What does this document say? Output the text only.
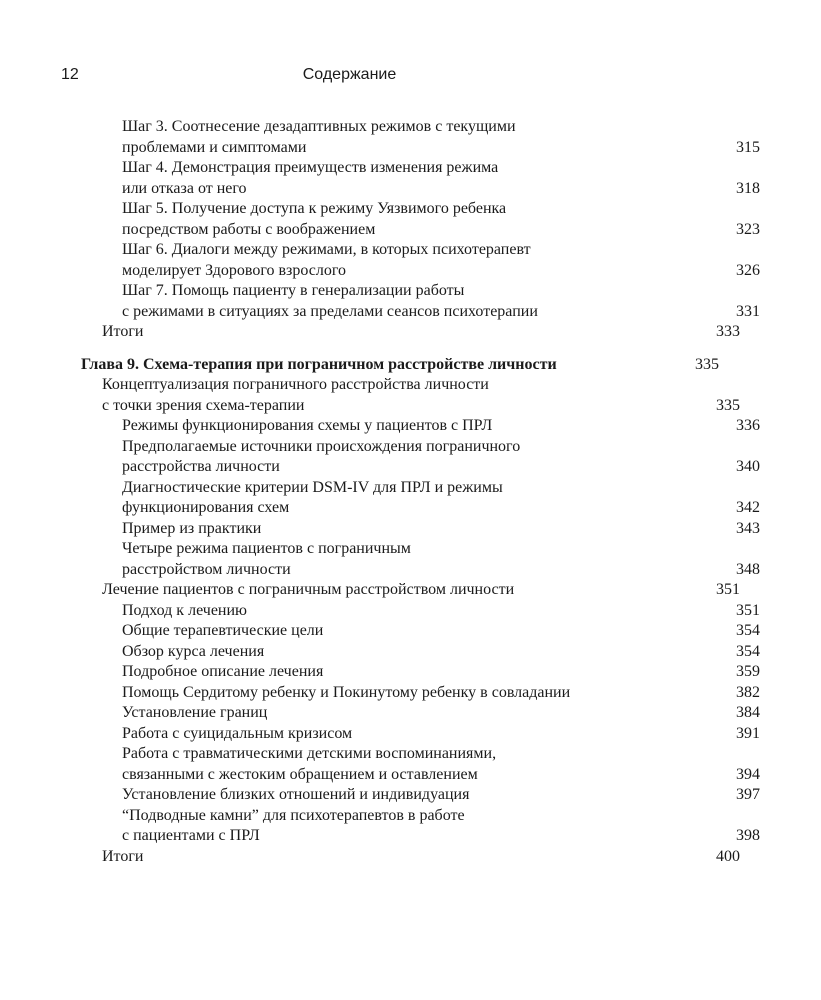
12	Содержание
Шаг 3. Соотнесение дезадаптивных режимов с текущими
проблемами и симптомами	315
Шаг 4. Демонстрация преимуществ изменения режима
или отказа от него	318
Шаг 5. Получение доступа к режиму Уязвимого ребенка
посредством работы с воображением	323
Шаг 6. Диалоги между режимами, в которых психотерапевт
моделирует Здорового взрослого	326
Шаг 7. Помощь пациенту в генерализации работы
с режимами в ситуациях за пределами сеансов психотерапии	331
Итоги	333
Глава 9. Схема-терапия при пограничном расстройстве личности	335
Концептуализация пограничного расстройства личности
с точки зрения схема-терапии	335
Режимы функционирования схемы у пациентов с ПРЛ	336
Предполагаемые источники происхождения пограничного
расстройства личности	340
Диагностические критерии DSM-IV для ПРЛ и режимы
функционирования схем	342
Пример из практики	343
Четыре режима пациентов с пограничным
расстройством личности	348
Лечение пациентов с пограничным расстройством личности	351
Подход к лечению	351
Общие терапевтические цели	354
Обзор курса лечения	354
Подробное описание лечения	359
Помощь Сердитому ребенку и Покинутому ребенку в совладании	382
Установление границ	384
Работа с суицидальным кризисом	391
Работа с травматическими детскими воспоминаниями,
связанными с жестоким обращением и оставлением	394
Установление близких отношений и индивидуация	397
“Подводные камни” для психотерапевтов в работе
с пациентами с ПРЛ	398
Итоги	400
